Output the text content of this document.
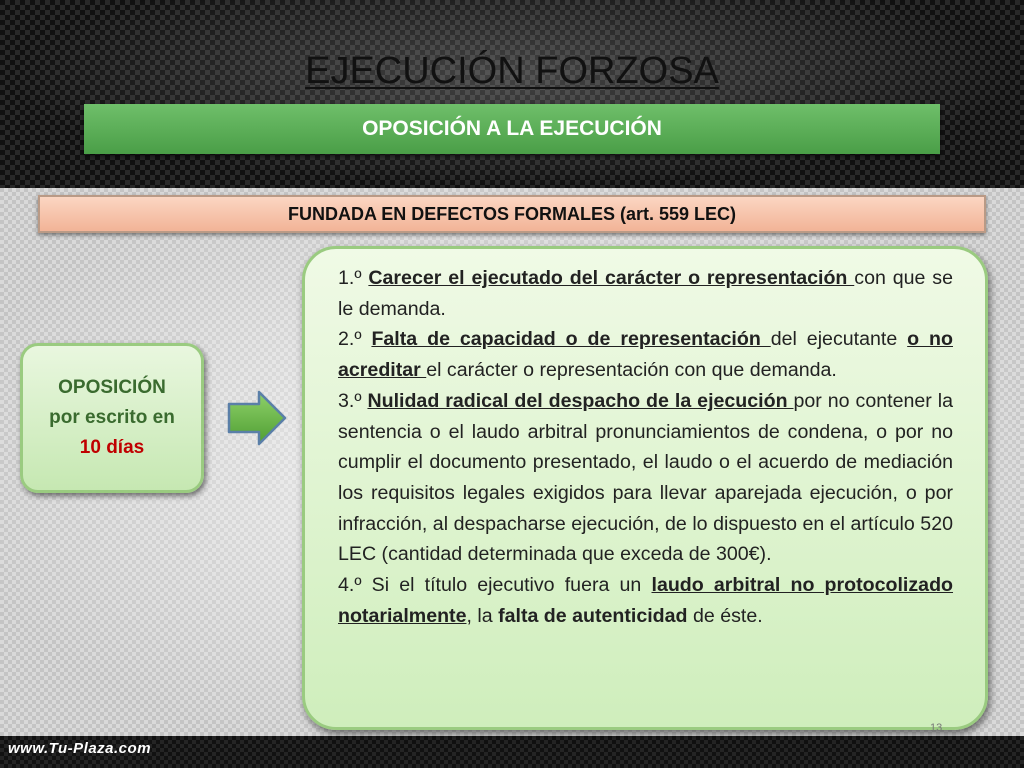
EJECUCIÓN FORZOSA
OPOSICIÓN A LA EJECUCIÓN
FUNDADA EN DEFECTOS FORMALES (art. 559 LEC)
OPOSICIÓN
por escrito en
10 días

1.º Carecer el ejecutado del carácter o representación con que se le demanda.

2.º Falta de capacidad o de representación del ejecutante o no acreditar el carácter o representación con que demanda.

3.º Nulidad radical del despacho de la ejecución por no contener la sentencia o el laudo arbitral pronunciamientos de condena, o por no cumplir el documento presentado, el laudo o el acuerdo de mediación los requisitos legales exigidos para llevar aparejada ejecución, o por infracción, al despacharse ejecución, de lo dispuesto en el artículo 520 LEC (cantidad determinada que exceda de 300€).

4.º Si el título ejecutivo fuera un laudo arbitral no protocolizado notarialmente, la falta de autenticidad de éste.

13
www.Tu-Plaza.com
